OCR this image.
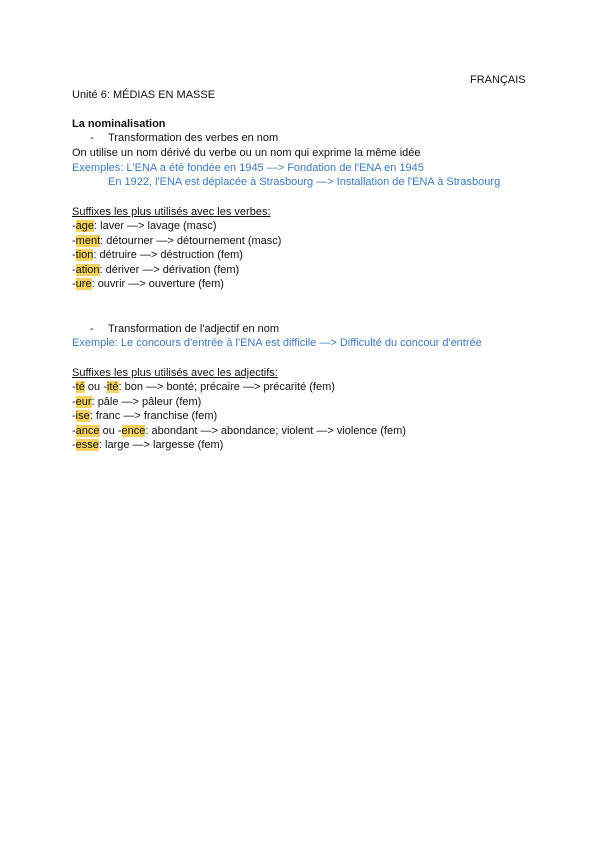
FRANÇAIS
Unité 6: MÉDIAS EN MASSE
La nominalisation
- Transformation des verbes en nom
On utilise un nom dérivé du verbe ou un nom qui exprime la même idée
Exemples: L'ENA a été fondée en 1945 —> Fondation de l'ENA en 1945
En 1922, l'ENA est déplacée à Strasbourg —> Installation de l'ENA à Strasbourg
Suffixes les plus utilisés avec les verbes:
-age: laver —> lavage (masc)
-ment: détourner —> détournement (masc)
-tion: détruire —> déstruction (fem)
-ation: dériver —> dérivation (fem)
-ure: ouvrir —> ouverture (fem)
- Transformation de l'adjectif en nom
Exemple: Le concours d'entrée à l'ENA est difficile —> Difficulté du concour d'entrée
Suffixes les plus utilisés avec les adjectifs:
-té ou -ité: bon —> bonté; précaire —> précarité (fem)
-eur: pâle —> pâleur (fem)
-ise: franc —> franchise (fem)
-ance ou -ence: abondant —> abondance; violent —> violence (fem)
-esse: large —> largesse (fem)
